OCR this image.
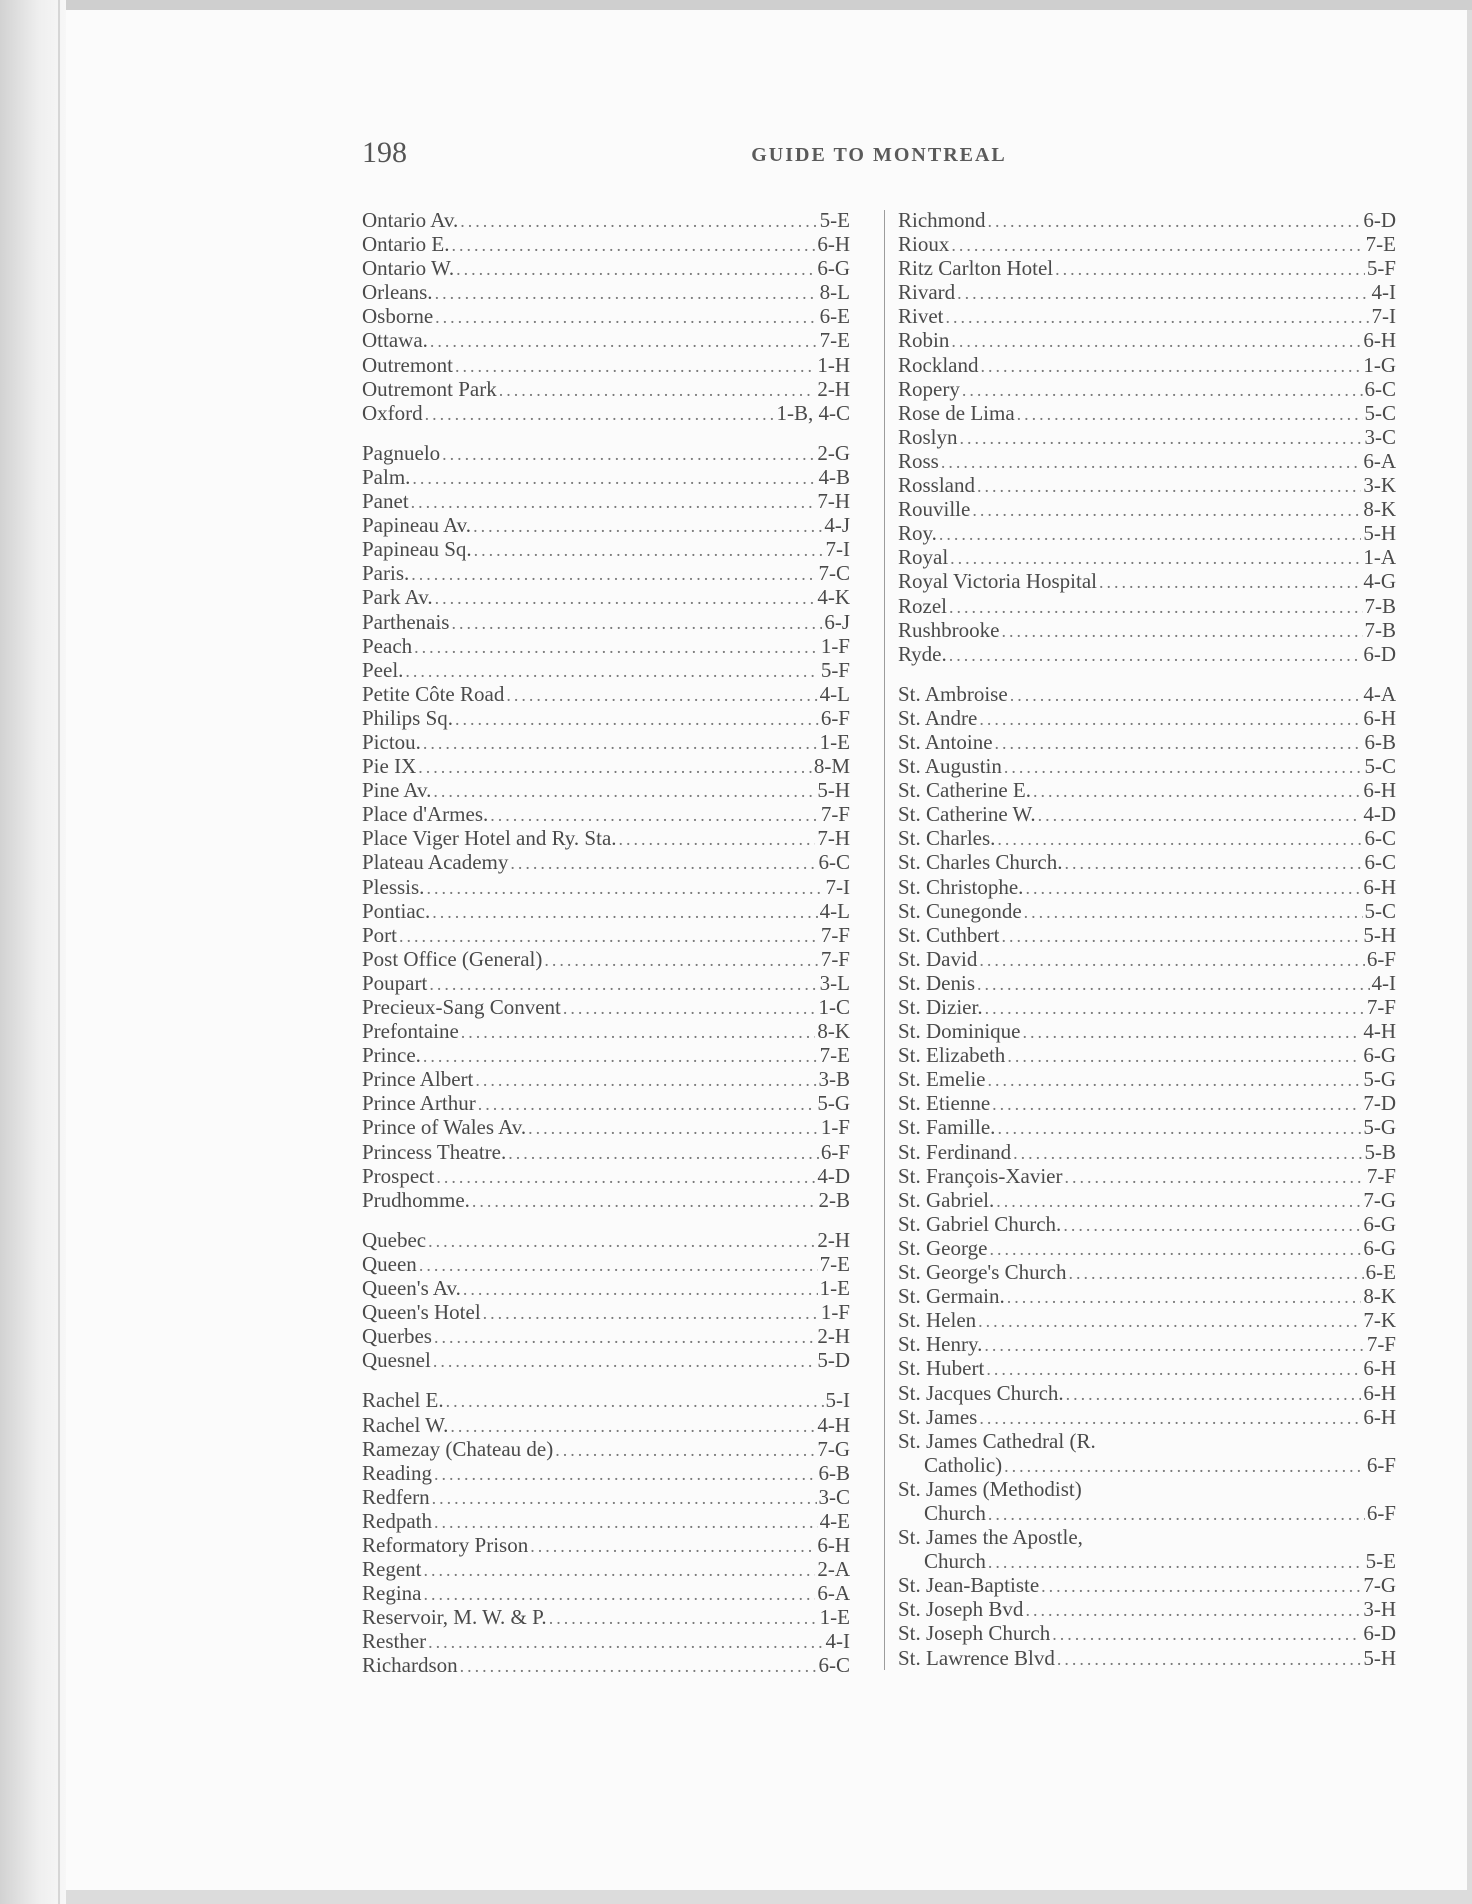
198	GUIDE TO MONTREAL
Ontario Av. .....	5-E
Ontario E. .....	6-H
Ontario W. .....	6-G
Orleans. .....	8-L
Osborne .....	6-E
Ottawa. .....	7-E
Outremont .....	1-H
Outremont Park .....	2-H
Oxford .....	1-B, 4-C
Pagnuelo .....	2-G
Palm. .....	4-B
Panet .....	7-H
Papineau Av. .....	4-J
Papineau Sq. .....	7-I
Paris. .....	7-C
Park Av. .....	4-K
Parthenais .....	6-J
Peach .....	1-F
Peel. .....	5-F
Petite Côte Road .....	4-L
Philips Sq. .....	6-F
Pictou. .....	1-E
Pie IX .....	8-M
Pine Av. .....	5-H
Place d'Armes. .....	7-F
Place Viger Hotel and Ry. Sta. .....	7-H
Plateau Academy .....	6-C
Plessis. .....	7-I
Pontiac. .....	4-L
Port .....	7-F
Post Office (General) .....	7-F
Poupart .....	3-L
Precieux-Sang Convent .....	1-C
Prefontaine .....	8-K
Prince. .....	7-E
Prince Albert .....	3-B
Prince Arthur .....	5-G
Prince of Wales Av. .....	1-F
Princess Theatre. .....	6-F
Prospect .....	4-D
Prudhomme. .....	2-B
Quebec .....	2-H
Queen .....	7-E
Queen's Av. .....	1-E
Queen's Hotel .....	1-F
Querbes .....	2-H
Quesnel .....	5-D
Rachel E. .....	5-I
Rachel W. .....	4-H
Ramezay (Chateau de) .....	7-G
Reading .....	6-B
Redfern .....	3-C
Redpath .....	4-E
Reformatory Prison .....	6-H
Regent .....	2-A
Regina .....	6-A
Reservoir, M. W. & P. .....	1-E
Resther .....	4-I
Richardson .....	6-C
Richmond .....	6-D
Rioux .....	7-E
Ritz Carlton Hotel .....	5-F
Rivard .....	4-I
Rivet .....	7-I
Robin .....	6-H
Rockland .....	1-G
Ropery .....	6-C
Rose de Lima .....	5-C
Roslyn .....	3-C
Ross .....	6-A
Rossland .....	3-K
Rouville .....	8-K
Roy. .....	5-H
Royal .....	1-A
Royal Victoria Hospital .....	4-G
Rozel .....	7-B
Rushbrooke .....	7-B
Ryde. .....	6-D
St. Ambroise .....	4-A
St. Andre .....	6-H
St. Antoine .....	6-B
St. Augustin .....	5-C
St. Catherine E. .....	6-H
St. Catherine W. .....	4-D
St. Charles. .....	6-C
St. Charles Church. .....	6-C
St. Christophe. .....	6-H
St. Cunegonde .....	5-C
St. Cuthbert .....	5-H
St. David .....	6-F
St. Denis .....	4-I
St. Dizier. .....	7-F
St. Dominique .....	4-H
St. Elizabeth .....	6-G
St. Emelie .....	5-G
St. Etienne .....	7-D
St. Famille. .....	5-G
St. Ferdinand .....	5-B
St. François-Xavier .....	7-F
St. Gabriel. .....	7-G
St. Gabriel Church. .....	6-G
St. George .....	6-G
St. George's Church .....	6-E
St. Germain. .....	8-K
St. Helen .....	7-K
St. Henry. .....	7-F
St. Hubert .....	6-H
St. Jacques Church. .....	6-H
St. James .....	6-H
St. James Cathedral (R.
Catholic) .....	6-F
St. James (Methodist)
Church .....	6-F
St. James the Apostle,
Church .....	5-E
St. Jean-Baptiste .....	7-G
St. Joseph Bvd .....	3-H
St. Joseph Church .....	6-D
St. Lawrence Blvd .....	5-H
